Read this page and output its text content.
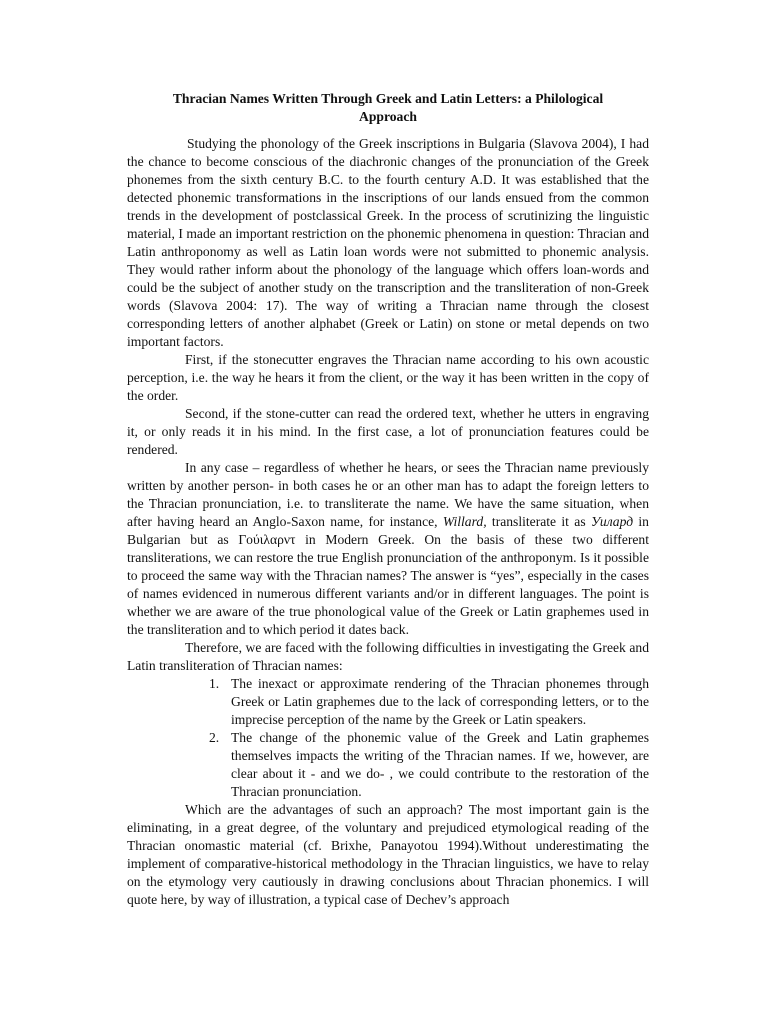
Thracian Names Written Through Greek and Latin Letters: a Philological
Approach

Studying the phonology of the Greek inscriptions in Bulgaria (Slavova 2004), I had the chance to become conscious of the diachronic changes of the pronunciation of the Greek phonemes from the sixth century B.C. to the fourth century A.D. It was established that the detected phonemic transformations in the inscriptions of our lands ensued from the common trends in the development of postclassical Greek. In the process of scrutinizing the linguistic material, I made an important restriction on the phonemic phenomena in question: Thracian and Latin anthroponomy as well as Latin loan words were not submitted to phonemic analysis. They would rather inform about the phonology of the language which offers loan-words and could be the subject of another study on the transcription and the transliteration of non-Greek words (Slavova 2004: 17). The way of writing a Thracian name through the closest corresponding letters of another alphabet (Greek or Latin) on stone or metal depends on two important factors.

First, if the stonecutter engraves the Thracian name according to his own acoustic perception, i.e. the way he hears it from the client, or the way it has been written in the copy of the order.

Second, if the stone-cutter can read the ordered text, whether he utters in engraving it, or only reads it in his mind. In the first case, a lot of pronunciation features could be rendered.

In any case – regardless of whether he hears, or sees the Thracian name previously written by another person- in both cases he or an other man has to adapt the foreign letters to the Thracian pronunciation, i.e. to transliterate the name. We have the same situation, when after having heard an Anglo-Saxon name, for instance, Willard, transliterate it as Уилард in Bulgarian but as Γούιλαρντ in Modern Greek. On the basis of these two different transliterations, we can restore the true English pronunciation of the anthroponym. Is it possible to proceed the same way with the Thracian names? The answer is “yes”, especially in the cases of names evidenced in numerous different variants and/or in different languages. The point is whether we are aware of the true phonological value of the Greek or Latin graphemes used in the transliteration and to which period it dates back.

Therefore, we are faced with the following difficulties in investigating the Greek and Latin transliteration of Thracian names:

1. The inexact or approximate rendering of the Thracian phonemes through Greek or Latin graphemes due to the lack of corresponding letters, or to the imprecise perception of the name by the Greek or Latin speakers.
2. The change of the phonemic value of the Greek and Latin graphemes themselves impacts the writing of the Thracian names. If we, however, are clear about it - and we do- , we could contribute to the restoration of the Thracian pronunciation.

Which are the advantages of such an approach? The most important gain is the eliminating, in a great degree, of the voluntary and prejudiced etymological reading of the Thracian onomastic material (cf. Brixhe, Panayotou 1994).Without underestimating the implement of comparative-historical methodology in the Thracian linguistics, we have to relay on the etymology very cautiously in drawing conclusions about Thracian phonemics. I will quote here, by way of illustration, a typical case of Dechev’s approach
